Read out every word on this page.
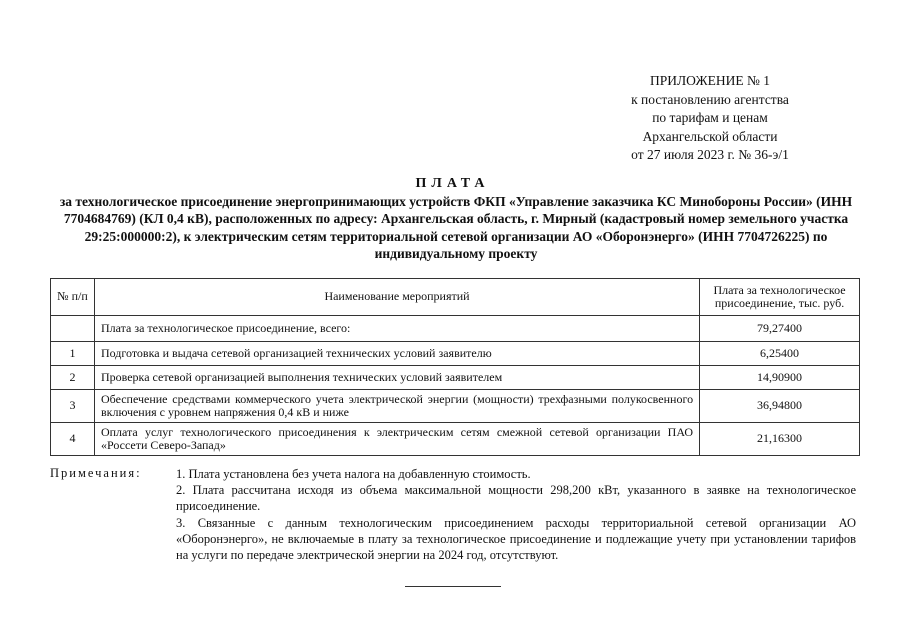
ПРИЛОЖЕНИЕ № 1
к постановлению агентства
по тарифам и ценам
Архангельской области
от 27 июля 2023 г. № 36-э/1
ПЛАТА
за технологическое присоединение энергопринимающих устройств ФКП «Управление заказчика КС Минобороны России» (ИНН 7704684769) (КЛ 0,4 кВ), расположенных по адресу: Архангельская область, г. Мирный (кадастровый номер земельного участка 29:25:000000:2), к электрическим сетям территориальной сетевой организации АО «Оборонэнерго» (ИНН 7704726225) по индивидуальному проекту
№ п/п	Наименование мероприятий	Плата за технологическое присоединение, тыс. руб.
	Плата за технологическое присоединение, всего:	79,27400
1	Подготовка и выдача сетевой организацией технических условий заявителю	6,25400
2	Проверка сетевой организацией выполнения технических условий заявителем	14,90900
3	Обеспечение средствами коммерческого учета электрической энергии (мощности) трехфазными полукосвенного включения с уровнем напряжения 0,4 кВ и ниже	36,94800
4	Оплата услуг технологического присоединения к электрическим сетям смежной сетевой организации ПАО «Россети Северо-Запад»	21,16300
Примечания:	1. Плата установлена без учета налога на добавленную стоимость.

2. Плата рассчитана исходя из объема максимальной мощности 298,200 кВт, указанного в заявке на технологическое присоединение.

3. Связанные с данным технологическим присоединением расходы территориальной сетевой организации АО «Оборонэнерго», не включаемые в плату за технологическое присоединение и подлежащие учету при установлении тарифов на услуги по передаче электрической энергии на 2024 год, отсутствуют.
